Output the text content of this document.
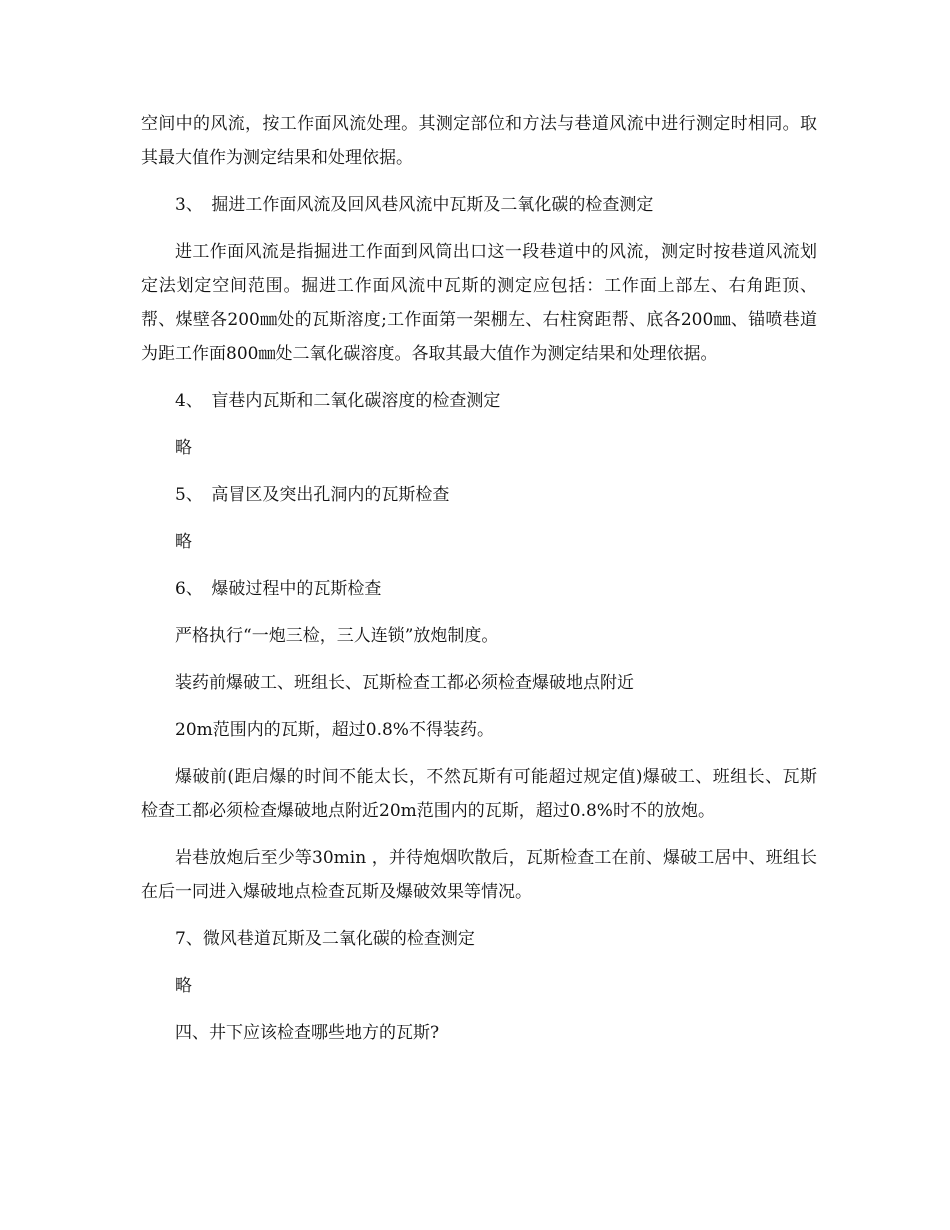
空间中的风流，按工作面风流处理。其测定部位和方法与巷道风流中进行测定时相同。取其最大值作为测定结果和处理依据。

3、　掘进工作面风流及回风巷风流中瓦斯及二氧化碳的检查测定

进工作面风流是指掘进工作面到风筒出口这一段巷道中的风流，测定时按巷道风流划定法划定空间范围。掘进工作面风流中瓦斯的测定应包括：工作面上部左、右角距顶、帮、煤壁各200㎜处的瓦斯溶度;工作面第一架棚左、右柱窝距帮、底各200㎜、锚喷巷道为距工作面800㎜处二氧化碳溶度。各取其最大值作为测定结果和处理依据。

4、　盲巷内瓦斯和二氧化碳溶度的检查测定

略

5、　高冒区及突出孔洞内的瓦斯检查

略

6、　爆破过程中的瓦斯检查

严格执行“一炮三检，三人连锁”放炮制度。

装药前爆破工、班组长、瓦斯检查工都必须检查爆破地点附近

20m范围内的瓦斯，超过0.8%不得装药。

爆破前(距启爆的时间不能太长，不然瓦斯有可能超过规定值)爆破工、班组长、瓦斯检查工都必须检查爆破地点附近20m范围内的瓦斯，超过0.8%时不的放炮。

岩巷放炮后至少等30min ，并待炮烟吹散后，瓦斯检查工在前、爆破工居中、班组长在后一同进入爆破地点检查瓦斯及爆破效果等情况。

7、微风巷道瓦斯及二氧化碳的检查测定

略

四、井下应该检查哪些地方的瓦斯?
